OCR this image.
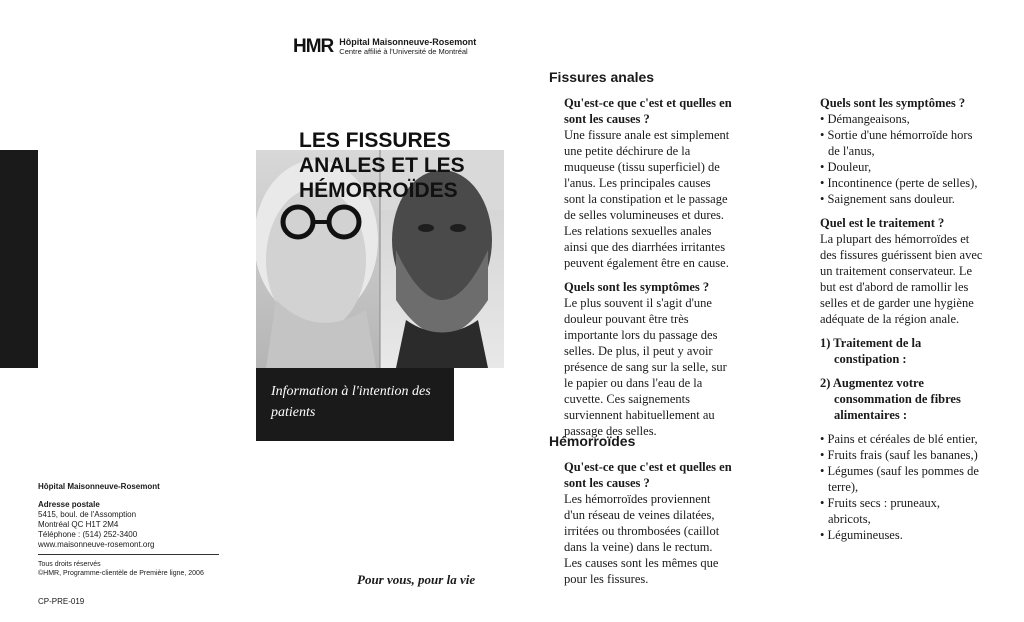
HMR Hôpital Maisonneuve-Rosemont
Centre affilié à l'Université de Montréal
LES FISSURES
ANALES ET LES
HÉMORROÏDES
Information à l'intention des patients
Pour vous, pour la vie
Hôpital Maisonneuve-Rosemont
Adresse postale
5415, boul. de l'Assomption
Montréal QC H1T 2M4
Téléphone : (514) 252-3400
www.maisonneuve-rosemont.org
Tous droits réservés
©HMR, Programme-clientèle de Première ligne, 2006
CP-PRE-019
Fissures anales

Qu'est-ce que c'est et quelles en sont les causes ?

Une fissure anale est simplement une petite déchirure de la muqueuse (tissu superficiel) de l'anus. Les principales causes sont la constipation et le passage de selles volumineuses et dures. Les relations sexuelles anales ainsi que des diarrhées irritantes peuvent également être en cause.

Quels sont les symptômes ?

Le plus souvent il s'agit d'une douleur pouvant être très importante lors du passage des selles. De plus, il peut y avoir présence de sang sur la selle, sur le papier ou dans l'eau de la cuvette. Ces saignements surviennent habituellement au passage des selles.

Hémorroïdes

Qu'est-ce que c'est et quelles en sont les causes ?

Les hémorroïdes proviennent d'un réseau de veines dilatées, irritées ou thrombosées (caillot dans la veine) dans le rectum. Les causes sont les mêmes que pour les fissures.

Quels sont les symptômes ?

• Démangeaisons,
• Sortie d'une hémorroïde hors de l'anus,
• Douleur,
• Incontinence (perte de selles),
• Saignement sans douleur.

Quel est le traitement ?

La plupart des hémorroïdes et des fissures guérissent bien avec un traitement conservateur. Le but est d'abord de ramollir les selles et de garder une hygiène adéquate de la région anale.

1) Traitement de la constipation :

2) Augmentez votre consommation de fibres alimentaires :

• Pains et céréales de blé entier,
• Fruits frais (sauf les bananes,)
• Légumes (sauf les pommes de terre),
• Fruits secs : pruneaux, abricots,
• Légumineuses.
